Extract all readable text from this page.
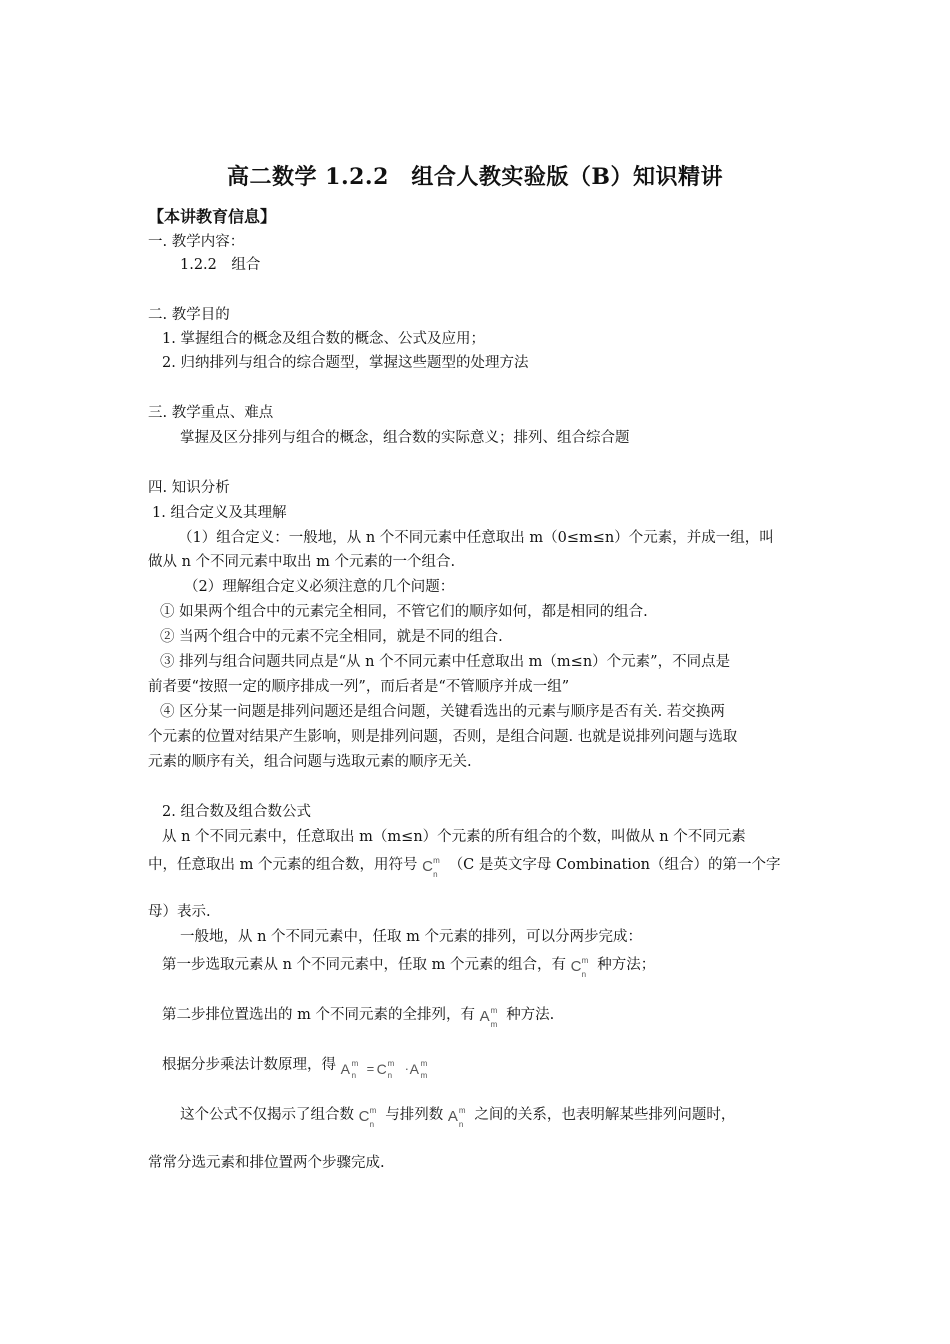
高二数学 1.2.2　组合人教实验版（B）知识精讲
【本讲教育信息】
一. 教学内容：
1.2.2　组合
二. 教学目的
1. 掌握组合的概念及组合数的概念、公式及应用；
2. 归纳排列与组合的综合题型，掌握这些题型的处理方法
三. 教学重点、难点
掌握及区分排列与组合的概念，组合数的实际意义；排列、组合综合题
四. 知识分析
1. 组合定义及其理解
（1）组合定义：一般地，从 n 个不同元素中任意取出 m（0≤m≤n）个元素，并成一组，叫
做从 n 个不同元素中取出 m 个元素的一个组合.
（2）理解组合定义必须注意的几个问题：
① 如果两个组合中的元素完全相同，不管它们的顺序如何，都是相同的组合.
② 当两个组合中的元素不完全相同，就是不同的组合.
③ 排列与组合问题共同点是“从 n 个不同元素中任意取出 m（m≤n）个元素”，不同点是
前者要“按照一定的顺序排成一列”，而后者是“不管顺序并成一组”
④ 区分某一问题是排列问题还是组合问题，关键看选出的元素与顺序是否有关. 若交换两
个元素的位置对结果产生影响，则是排列问题，否则，是组合问题. 也就是说排列问题与选取
元素的顺序有关，组合问题与选取元素的顺序无关.
2. 组合数及组合数公式
从 n 个不同元素中，任意取出 m（m≤n）个元素的所有组合的个数，叫做从 n 个不同元素
中，任意取出 m 个元素的组合数，用符号 C m
n
（C 是英文字母 Combination（组合）的第一个字
母）表示.
一般地，从 n 个不同元素中，任取 m 个元素的排列，可以分两步完成：
第一步选取元素从 n 个不同元素中，任取 m 个元素的组合，有 C m
n
种方法；
第二步排位置选出的 m 个不同元素的全排列，有 A m
m
种方法.
根据分步乘法计数原理，得 A m
n = C m
n · A m
m
这个公式不仅揭示了组合数 C m
n
与排列数 A m
n
之间的关系，也表明解某些排列问题时，
常常分选元素和排位置两个步骤完成.
